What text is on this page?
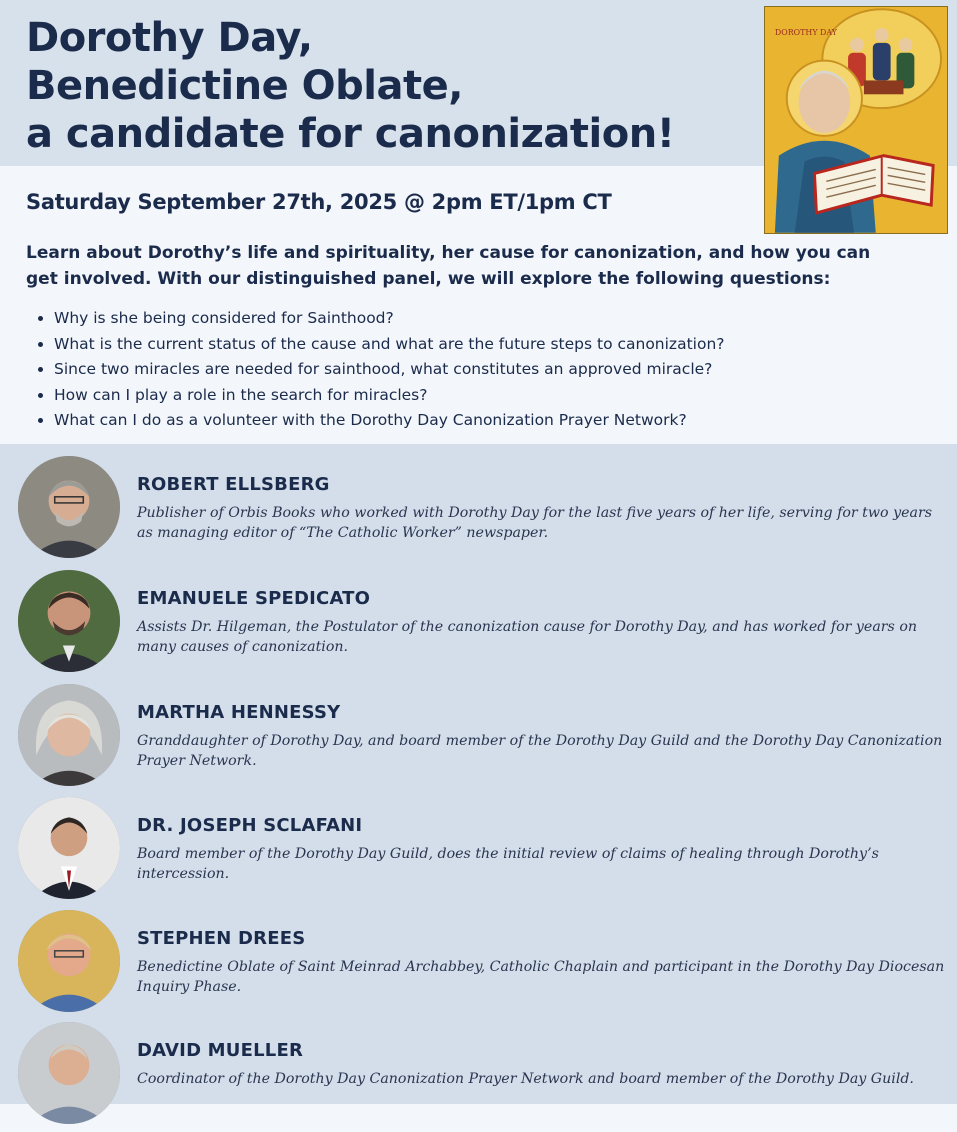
Dorothy Day,
Benedictine Oblate,
a candidate for canonization!
DOROTHY DAY
Saturday September 27th, 2025 @ 2pm ET/1pm CT

Learn about Dorothy’s life and spirituality, her cause for canonization, and how you can get involved. With our distinguished panel, we will explore the following questions:

• Why is she being considered for Sainthood?
• What is the current status of the cause and what are the future steps to canonization?
• Since two miracles are needed for sainthood, what constitutes an approved miracle?
• How can I play a role in the search for miracles?
• What can I do as a volunteer with the Dorothy Day Canonization Prayer Network?
ROBERT ELLSBERG

Publisher of Orbis Books who worked with Dorothy Day for the last five years of her life, serving for two years as managing editor of “The Catholic Worker” newspaper.

EMANUELE SPEDICATO

Assists Dr. Hilgeman, the Postulator of the canonization cause for Dorothy Day, and has worked for years on many causes of canonization.

MARTHA HENNESSY

Granddaughter of Dorothy Day, and board member of the Dorothy Day Guild and the Dorothy Day Canonization Prayer Network.

DR. JOSEPH SCLAFANI

Board member of the Dorothy Day Guild, does the initial review of claims of healing through Dorothy’s intercession.

STEPHEN DREES

Benedictine Oblate of Saint Meinrad Archabbey, Catholic Chaplain and participant in the Dorothy Day Diocesan Inquiry Phase.

DAVID MUELLER

Coordinator of the Dorothy Day Canonization Prayer Network and board member of the Dorothy Day Guild.
